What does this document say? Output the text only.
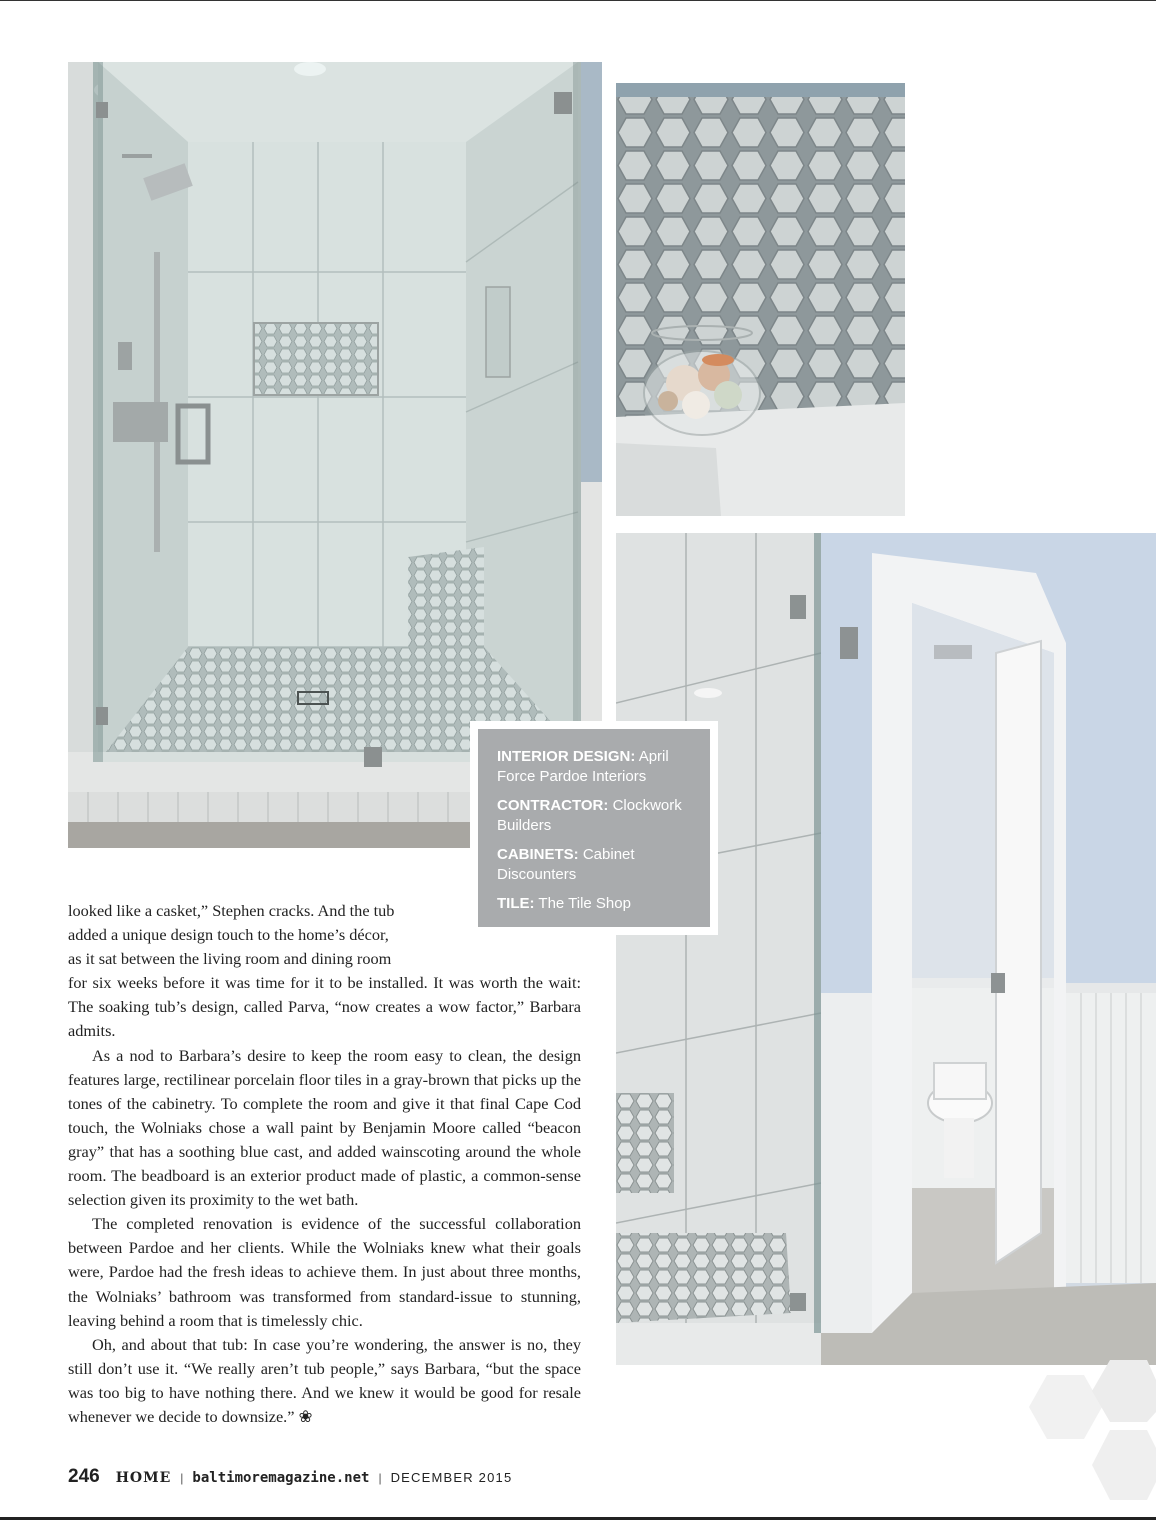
INTERIOR DESIGN: April Force Pardoe Interiors
CONTRACTOR: Clockwork Builders
CABINETS: Cabinet Discounters
TILE: The Tile Shop
looked like a casket,” Stephen cracks. And the tub
added a unique design touch to the home’s décor,
as it sat between the living room and dining room

for six weeks before it was time for it to be installed. It was worth the wait: The soaking tub’s design, called Parva, “now creates a wow factor,” Barbara admits.

As a nod to Barbara’s desire to keep the room easy to clean, the design features large, rectilinear porcelain floor tiles in a gray-brown that picks up the tones of the cabinetry. To complete the room and give it that final Cape Cod touch, the Wolniaks chose a wall paint by Benjamin Moore called “beacon gray” that has a soothing blue cast, and added wainscoting around the whole room. The beadboard is an exterior product made of plastic, a common-sense selection given its proximity to the wet bath.

The completed renovation is evidence of the successful collaboration between Pardoe and her clients. While the Wolniaks knew what their goals were, Pardoe had the fresh ideas to achieve them. In just about three months, the Wolniaks’ bathroom was transformed from standard-issue to stunning, leaving behind a room that is timelessly chic.

Oh, and about that tub: In case you’re wondering, the answer is no, they still don’t use it. “We really aren’t tub people,” says Barbara, “but the space was too big to have nothing there. And we knew it would be good for resale whenever we decide to downsize.” ❀

246 HOME | baltimoremagazine.net | DECEMBER 2015
